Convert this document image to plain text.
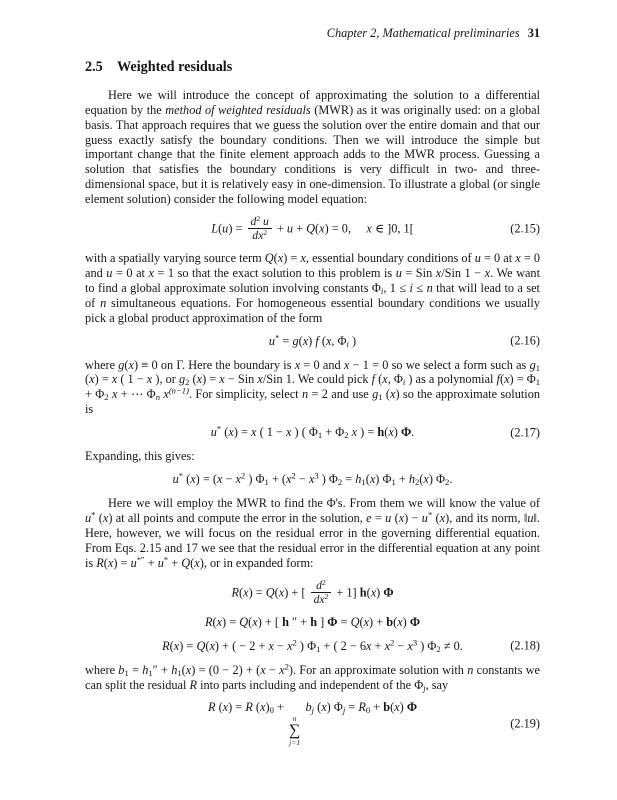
Chapter 2, Mathematical preliminaries 31
2.5 Weighted residuals
Here we will introduce the concept of approximating the solution to a differential equation by the method of weighted residuals (MWR) as it was originally used: on a global basis. That approach requires that we guess the solution over the entire domain and that our guess exactly satisfy the boundary conditions. Then we will introduce the simple but important change that the finite element approach adds to the MWR process. Guessing a solution that satisfies the boundary conditions is very difficult in two- and three-dimensional space, but it is relatively easy in one-dimension. To illustrate a global (or single element solution) consider the following model equation:
$L(u) = \frac{d^2 u}{dx^2} + u + Q(x) = 0$,     x ∈ ]0, 1[	(2.15)
with a spatially varying source term Q(x) = x, essential boundary conditions of u = 0 at x = 0 and u = 0 at x = 1 so that the exact solution to this problem is u = Sin x/Sin 1 − x. We want to find a global approximate solution involving constants $\Phi_i$, 1 ≤ i ≤ n that will lead to a set of n simultaneous equations. For homogeneous essential boundary conditions we usually pick a global product approximation of the form
u* = g(x) f (x, $\Phi_i$ )	(2.16)
where g(x) ≡ 0 on Γ. Here the boundary is x = 0 and x − 1 = 0 so we select a form such as $g_1$ (x) = x ( 1 − x ), or $g_2$ (x) = x − Sin x/Sin 1. We could pick f (x, $\Phi_i$ ) as a polynomial $f(x) = \Phi_1 + \Phi_2$ x + ⋯ $\Phi_n$ $x^{(n-1)}$. For simplicity, select n = 2 and use $g_1$ (x) so the approximate solution is
u* (x) = x ( 1 − x ) ( $\Phi_1 + \Phi_2$ x ) = h(x) Φ.	(2.17)
Expanding, this gives:
u* $(x) = (x - x^2$ ) $\Phi_1 + (x^2 - x^3$ ) $\Phi_2 = h_1(x) \Phi_1 + h_2(x)$ $\Phi_2$.
Here we will employ the MWR to find the Φ's. From them we will know the value of u* (x) at all points and compute the error in the solution, e = u (x) − u* (x), and its norm, ‖u‖. Here, however, we will focus on the residual error in the governing differential equation. From Eqs. 2.15 and 17 we see that the residual error in the differential equation at any point is R(x) = u*″ + u* + Q(x), or in expanded form:
R(x) = Q(x) + [ $\frac{d^2}{dx^2} + 1$] h(x) Φ
R(x) = Q(x) + [ h ″ + h ] Φ = Q(x) + b(x) Φ
R(x) = Q(x) + ( − $2 + x - x^2$ ) $\Phi_1$ + ( $2 - 6x + x^2 - x^3$ ) $\Phi_2 \ne 0$.	(2.18)
where $b_1 = h_1'' + h_1(x) = (0 - 2) + (x - x^2)$. For an approximate solution with n constants we can split the residual R into parts including and independent of the $\Phi_j$, say
R (x) = R $(x)_0$ +
n
∑
j=1
$b_j$ (x) $\Phi_j = R_0 + b(x)$ Φ
(2.19)
